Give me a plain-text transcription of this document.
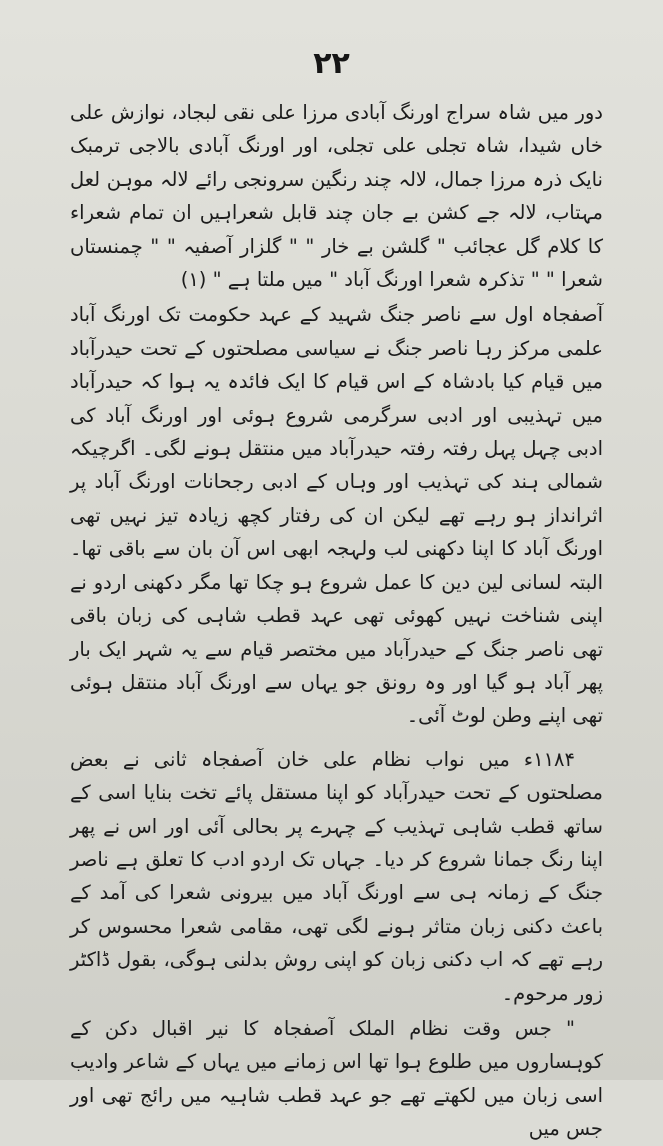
۲۲

دور میں شاہ سراج اورنگ آبادی مرزا علی نقی لبجاد، نوازش علی خاں شیدا، شاہ تجلی علی تجلی، اور اورنگ آبادی بالاجی ترمبک نایک ذرہ مرزا جمال، لالہ چند رنگین سرونجی رائے لالہ موہن لعل مہتاب، لالہ جے کشن بے جان چند قابل شعراہیں ان تمام شعراء کا کلام گل عجائب " گلشن بے خار " " گلزار آصفیہ " " چمنستاں شعرا " " تذکرہ شعرا اورنگ آباد " میں ملتا ہے " (۱)

آصفجاہ اول سے ناصر جنگ شہید کے عہد حکومت تک اورنگ آباد علمی مرکز رہا ناصر جنگ نے سیاسی مصلحتوں کے تحت حیدرآباد میں قیام کیا بادشاہ کے اس قیام کا ایک فائدہ یہ ہوا کہ حیدرآباد میں تہذیبی اور ادبی سرگرمی شروع ہوئی اور اورنگ آباد کی ادبی چہل پہل رفتہ رفتہ حیدرآباد میں منتقل ہونے لگی۔ اگرچیکہ شمالی ہند کی تہذیب اور وہاں کے ادبی رجحانات اورنگ آباد پر اثرانداز ہو رہے تھے لیکن ان کی رفتار کچھ زیادہ تیز نہیں تھی اورنگ آباد کا اپنا دکھنی لب ولہجہ ابھی اس آن بان سے باقی تھا۔ البتہ لسانی لین دین کا عمل شروع ہو چکا تھا مگر دکھنی اردو نے اپنی شناخت نہیں کھوئی تھی عہد قطب شاہی کی زبان باقی تھی ناصر جنگ کے حیدرآباد میں مختصر قیام سے یہ شہر ایک بار پھر آباد ہو گیا اور وہ رونق جو یہاں سے اورنگ آباد منتقل ہوئی تھی اپنے وطن لوٹ آئی۔

۱۱۸۴ء میں نواب نظام علی خان آصفجاہ ثانی نے بعض مصلحتوں کے تحت حیدرآباد کو اپنا مستقل پائے تخت بنایا اسی کے ساتھ قطب شاہی تہذیب کے چہرے پر بحالی آئی اور اس نے پھر اپنا رنگ جمانا شروع کر دیا۔ جہاں تک اردو ادب کا تعلق ہے ناصر جنگ کے زمانہ ہی سے اورنگ آباد میں بیرونی شعرا کی آمد کے باعث دکنی زبان متاثر ہونے لگی تھی، مقامی شعرا محسوس کر رہے تھے کہ اب دکنی زبان کو اپنی روش بدلنی ہوگی، بقول ڈاکٹر زور مرحوم۔

" جس وقت نظام الملک آصفجاہ کا نیر اقبال دکن کے کوہساروں میں طلوع ہوا تھا اس زمانے میں یہاں کے شاعر وادیب اسی زبان میں لکھتے تھے جو عہد قطب شاہیہ میں رائج تھی اور جس میں
